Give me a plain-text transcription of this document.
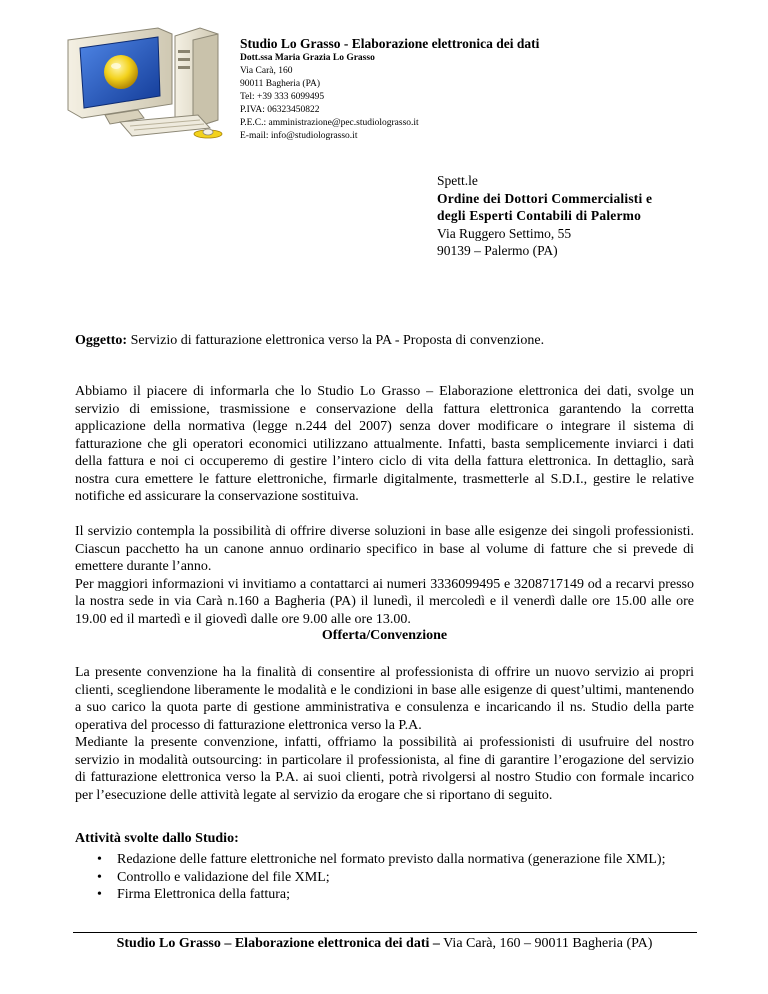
Studio Lo Grasso - Elaborazione elettronica dei dati
Dott.ssa Maria Grazia Lo Grasso
Via Carà, 160
90011 Bagheria (PA)
Tel: +39 333 6099495
P.IVA: 06323450822
P.E.C.: amministrazione@pec.studiolograsso.it
E-mail: info@studiolograsso.it
Spett.le
Ordine dei Dottori Commercialisti e
degli Esperti Contabili di Palermo
Via Ruggero Settimo, 55
90139 – Palermo (PA)
Oggetto: Servizio di fatturazione elettronica verso la PA - Proposta di convenzione.

Abbiamo il piacere di informarla che lo Studio Lo Grasso – Elaborazione elettronica dei dati, svolge un servizio di emissione, trasmissione e conservazione della fattura elettronica garantendo la corretta applicazione della normativa (legge n.244 del 2007) senza dover modificare o integrare il sistema di fatturazione che gli operatori economici utilizzano attualmente. Infatti, basta semplicemente inviarci i dati della fattura e noi ci occuperemo di gestire l’intero ciclo di vita della fattura elettronica. In dettaglio, sarà nostra cura emettere le fatture elettroniche, firmarle digitalmente, trasmetterle al S.D.I., gestire le relative notifiche ed assicurare la conservazione sostituiva.

Il servizio contempla la possibilità di offrire diverse soluzioni in base alle esigenze dei singoli professionisti. Ciascun pacchetto ha un canone annuo ordinario specifico in base al volume di fatture che si prevede di emettere durante l’anno.
Per maggiori informazioni vi invitiamo a contattarci ai numeri 3336099495 e 3208717149 od a recarvi presso la nostra sede in via Carà n.160 a Bagheria (PA) il lunedì, il mercoledì e il venerdì dalle ore 15.00 alle ore 19.00 ed il martedì e il giovedì dalle ore 9.00 alle ore 13.00.
Offerta/Convenzione
La presente convenzione ha la finalità di consentire al professionista di offrire un nuovo servizio ai propri clienti, scegliendone liberamente le modalità e le condizioni in base alle esigenze di quest’ultimi, mantenendo a suo carico la quota parte di gestione amministrativa e consulenza e incaricando il ns. Studio della parte operativa del processo di fatturazione elettronica verso la P.A.
Mediante la presente convenzione, infatti, offriamo la possibilità ai professionisti di usufruire del nostro servizio in modalità outsourcing: in particolare il professionista, al fine di garantire l’erogazione del servizio di fatturazione elettronica verso la P.A. ai suoi clienti, potrà rivolgersi al nostro Studio con formale incarico per l’esecuzione delle attività legate al servizio da erogare che si riportano di seguito.
Attività svolte dallo Studio:
• Redazione delle fatture elettroniche nel formato previsto dalla normativa (generazione file XML);
• Controllo e validazione del file XML;
• Firma Elettronica della fattura;
Studio Lo Grasso – Elaborazione elettronica dei dati – Via Carà, 160 – 90011 Bagheria (PA)
